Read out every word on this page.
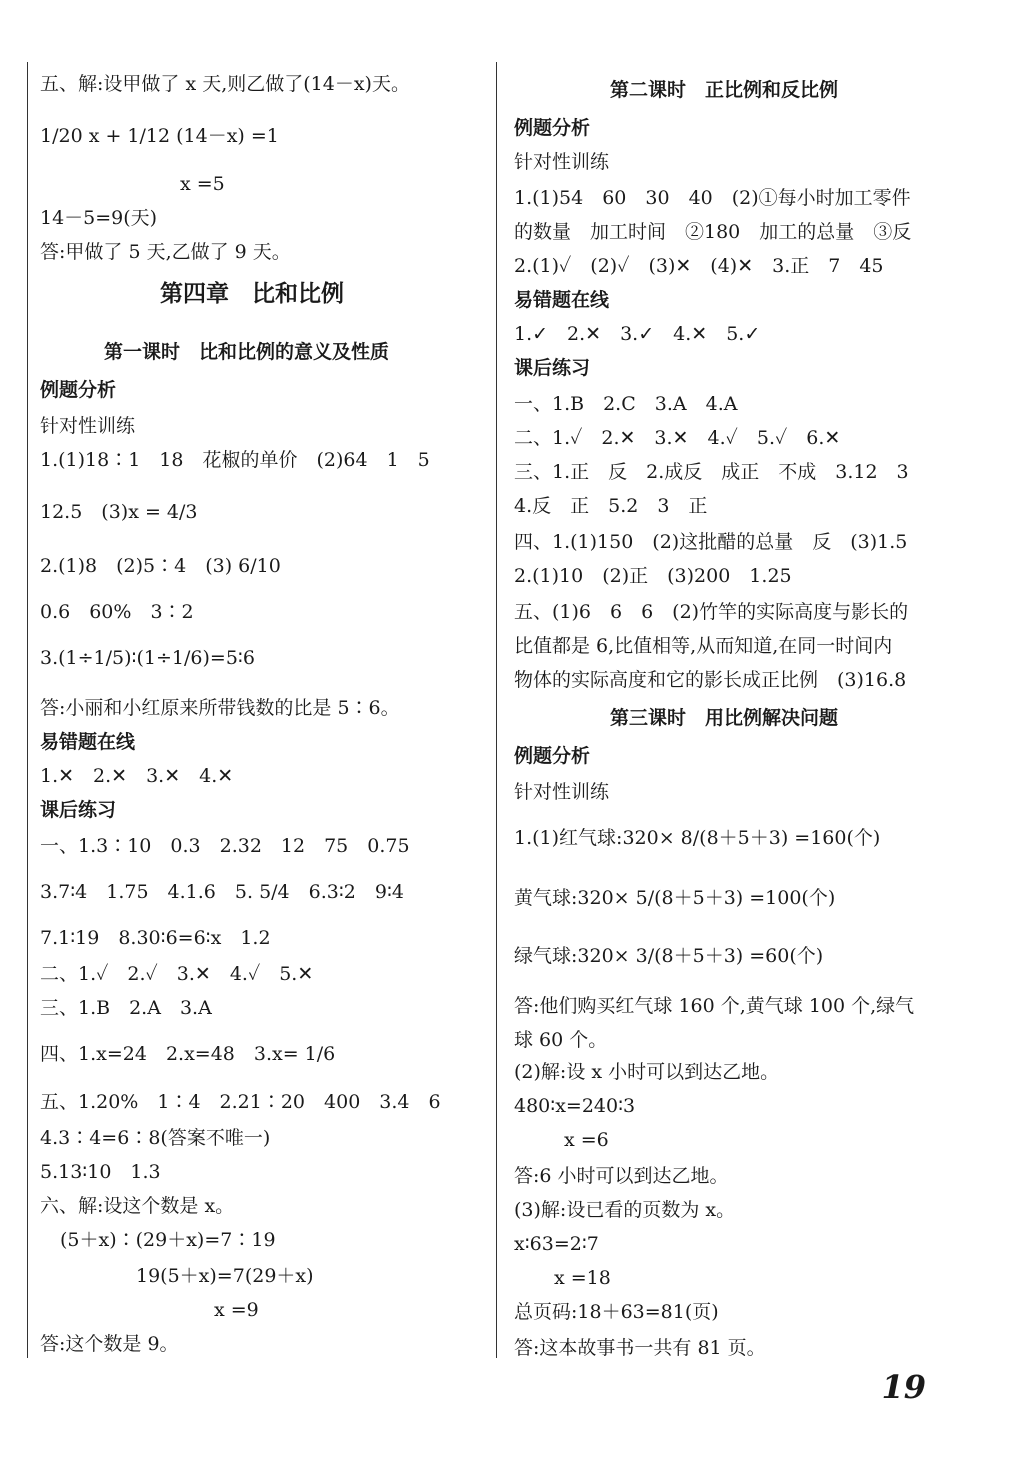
五、解:设甲做了 x 天,则乙做了(14－x)天。
1/20 x + 1/12 (14－x) =1
x =5
14－5=9(天)
答:甲做了 5 天,乙做了 9 天。
第四章　比和比例
第一课时　比和比例的意义及性质
例题分析
针对性训练
1.(1)18∶1　18　花椒的单价　(2)64　1　5
12.5　(3)x = 4/3
2.(1)8　(2)5∶4　(3) 6/10
0.6　60%　3∶2
3.(1÷1/5)∶(1÷1/6)=5∶6
答:小丽和小红原来所带钱数的比是 5∶6。
易错题在线
1.✕　2.✕　3.✕　4.✕
课后练习
一、1.3∶10　0.3　2.32　12　75　0.75
3.7∶4　1.75　4.1.6　5. 5/4　6.3∶2　9∶4
7.1∶19　8.30∶6=6∶x　1.2
二、1.✓　2.✓　3.✕　4.✓　5.✕
三、1.B　2.A　3.A
四、1.x=24　2.x=48　3.x= 1/6
五、1.20%　1∶4　2.21∶20　400　3.4　6
4.3∶4=6∶8(答案不唯一)
5.13∶10　1.3
六、解:设这个数是 x。
(5＋x)∶(29＋x)=7∶19
19(5＋x)=7(29＋x)
x =9
答:这个数是 9。
第二课时　正比例和反比例
例题分析
针对性训练
1.(1)54　60　30　40　(2)①每小时加工零件
的数量　加工时间　②180　加工的总量　③反
2.(1)✓　(2)✓　(3)✕　(4)✕　3.正　7　45
易错题在线
1.✓　2.✕　3.✓　4.✕　5.✓
课后练习
一、1.B　2.C　3.A　4.A
二、1.✓　2.✕　3.✕　4.✓　5.✓　6.✕
三、1.正　反　2.成反　成正　不成　3.12　3
4.反　正　5.2　3　正
四、1.(1)150　(2)这批醋的总量　反　(3)1.5
2.(1)10　(2)正　(3)200　1.25
五、(1)6　6　6　(2)竹竿的实际高度与影长的
比值都是 6,比值相等,从而知道,在同一时间内
物体的实际高度和它的影长成正比例　(3)16.8
第三课时　用比例解决问题
例题分析
针对性训练
1.(1)红气球:320× 8/(8＋5＋3) =160(个)
黄气球:320× 5/(8＋5＋3) =100(个)
绿气球:320× 3/(8＋5＋3) =60(个)
答:他们购买红气球 160 个,黄气球 100 个,绿气
球 60 个。
(2)解:设 x 小时可以到达乙地。
480∶x=240∶3
x =6
答:6 小时可以到达乙地。
(3)解:设已看的页数为 x。
x∶63=2∶7
x =18
总页码:18＋63=81(页)
答:这本故事书一共有 81 页。
19
